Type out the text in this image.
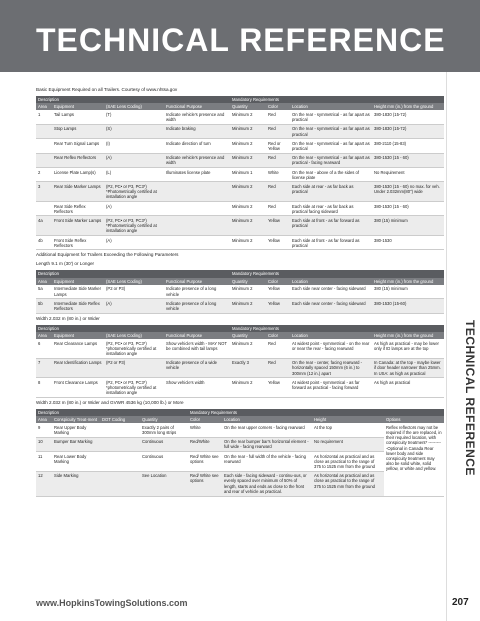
TECHNICAL REFERENCE
Basic Equipment Required on all Trailers. Courtesy of www.nhtsa.gov
Description				Mandatory Requirements			
Area	Equipment	(SAE Lens Coding)	Functional Purpose	Quantity	Color	Location	Height mm (in.) from the ground
1	Tail Lamps	(T)	Indicate vehicle's presence and width	Minimum 2	Red	On the rear - symmetrical - as far apart as practical	380-1830 (15-72)
	Stop Lamps	(S)	Indicate braking	Minimum 2	Red	On the rear - symmetrical - as far apart as practical	380-1830 (15-72)
	Rear Turn Signal Lamps	(I)	Indicate direction of turn	Minimum 2	Red or Yellow	On the rear - symmetrical - as far apart as practical	380-2110 (15-83)
	Rear Reflex Reflectors	(A)	Indicate vehicle's presence and width	Minimum 2	Red	On the rear - symmetrical - as far apart as practical - facing rearward	380-1530 (15 - 60)
2	License Plate Lamp(s)	(L)	Illuminates license plate	Minimum 1	White	On the rear - above of a the sides of license plate	No Requirement
3	Rear Side Marker Lamps	(P2, PC• or P3, PC3*) *Photometrically certified at installation angle		Minimum 2	Red	Each side at rear - as far back as practical	380-1530 (15 - 60) no max. for veh. Under 2.032mm(80") wide
	Rear Side Reflex Reflectors	(A)		Minimum 2	Red	Each side at rear - as far back as practical facing sideward	380-1530 (15 - 60)
4a	Front Side Marker Lamps	(P2, PC• or P3, PC3*) *Photometrically certified at installation angle		Minimum 2	Yellow	Each side at front - as far forward as practical	380 (15) minimum
4b	Front Side Reflex Reflectors	(A)		Minimum 2	Yellow	Each side at front - as far forward as practical	380-1530
Additional Equipment for Trailers Exceeding the Following Parameters
Length 9.1 m (30') or Longer
Description				Mandatory Requirements			
Area	Equipment	(SAE Lens Coding)	Functional Purpose	Quantity	Color	Location	Height mm (in.) from the ground
5a	Intermediate Side Marker Lamps	(P2 or P3)	Indicate presence of a long vehicle	Minimum 2	Yellow	Each side near center - facing sideward	380 (15) minimum
5b	Intermediate Side Reflex Reflectors	(A)	Indicate presence of a long vehicle	Minimum 2	Yellow	Each side near center - facing sideward	380-1530 (15-60)
Width 2.032 m (80 in.) or Wider
Description				Mandatory Requirements			
Area	Equipment	(SAE Lens Coding)	Functional Purpose	Quantity	Color	Location	Height mm (in.) from the ground
6	Rear Clearance Lamps	(P2, PC• or P3, PC3*) *photometrically certified at installation angle	Show vehicle's width - MAY NOT be combined with tail lamps	Minimum 2	Red	At widest point - symmetrical - on the rear or near the rear - facing rearward	As high as practical - may be lower only if ID lamps are at the top
7	Rear Identification Lamps	(P2 or P3)	Indicate presence of a wide vehicle	Exactly 3	Red	On the rear - center, facing rearward - horizontally spaced 150mm (6 in.) to 300mm (12 in.) apart	In Canada: at the top - maybe lower if door header narrower than 25mm. In USA: as high as practical
8	Front Clearance Lamps	(P2, PC• or P3, PC3*) *photometrically certified at installation angle	Show vehicle's width	Minimum 2	Yellow	At widest point - symmetrical - as far forward as practical - facing forward	As high as practical
Width 2.032 m (80 in.) or Wider and GVWR 4536 kg (10,000 lb.) or More
Description				Mandatory Requirements			
Area	Conspicuity Treat-ment	DOT Coding	Quantity	Color	Location	Height	Options
9	Rear Upper Body Marking		Exactly 2 pairs of 300mm long strips	White	On the rear upper corners - facing rearward	At the top	Reflex reflectors may not be required if the are replaced, in their required location, with conspicuity treatment* ----------Optional in Canada Rear lower body and side conspicuity treatment may also be solid white, solid yellow, or white and yellow.
10	Bumper Bar Marking		Continuous	Red/White	On the rear bumper bar's horizontal element - full wide - facing rearward	No requirement	
11	Rear Lower Body Marking		Continuous	Red/ White see options	On the rear - full width of the vehicle - facing rearward	As horizontal as practical and as close as practical to the range of 375 to 1525 mm from the ground	
12	Side Marking		See Location	Red/ White see options	Each side - facing sideward - continu-ous, or evenly spaced over minimum of 50% of length, starts and ends as close to the front and rear of vehicle as practical.	As horizontal as practical and as close as practical to the range of 375 to 1525 mm from the ground	
www.HopkinsTowingSolutions.com	207
